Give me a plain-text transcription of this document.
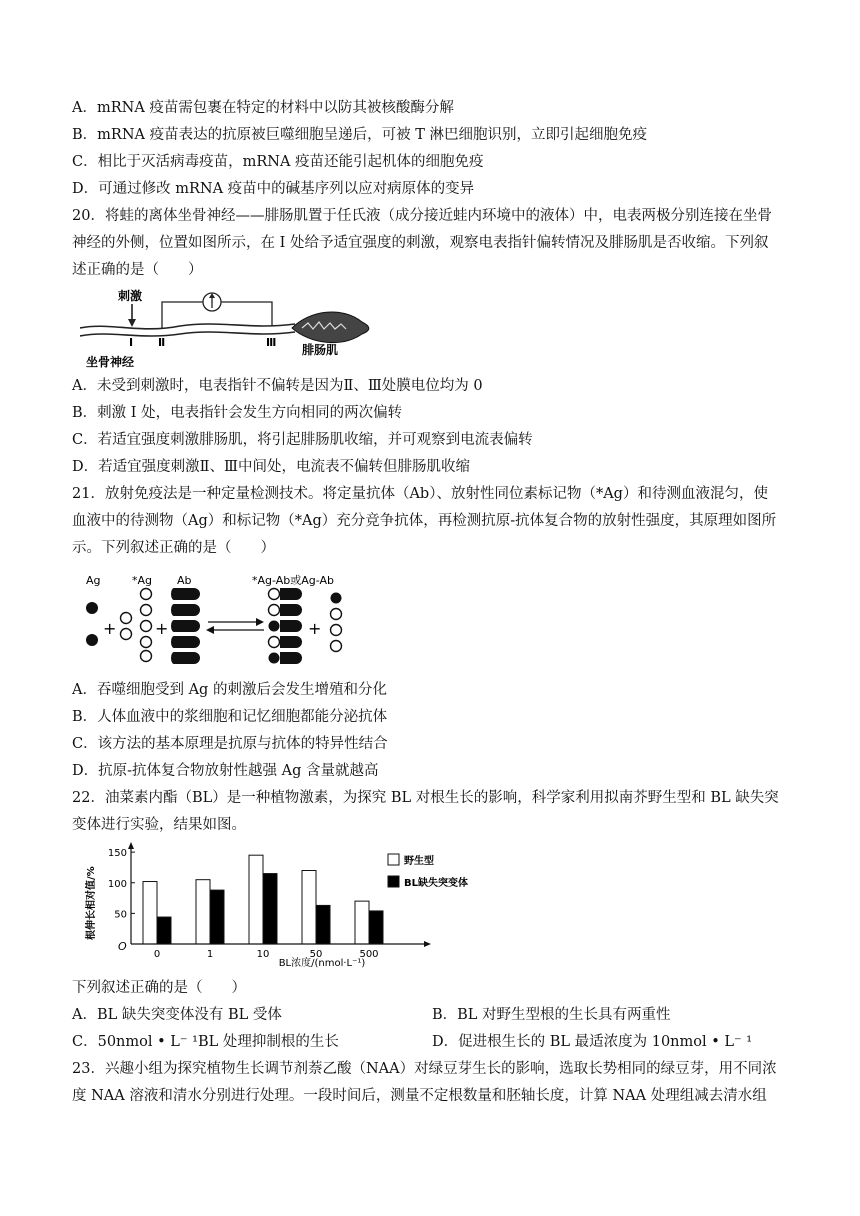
A．mRNA 疫苗需包裹在特定的材料中以防其被核酸酶分解
B．mRNA 疫苗表达的抗原被巨噬细胞呈递后，可被 T 淋巴细胞识别，立即引起细胞免疫
C．相比于灭活病毒疫苗，mRNA 疫苗还能引起机体的细胞免疫
D．可通过修改 mRNA 疫苗中的碱基序列以应对病原体的变异
20．将蛙的离体坐骨神经——腓肠肌置于任氏液（成分接近蛙内环境中的液体）中，电表两极分别连接在坐骨
神经的外侧，位置如图所示，在 Ⅰ 处给予适宜强度的刺激，观察电表指针偏转情况及腓肠肌是否收缩。下列叙
述正确的是（　　）
刺激
Ⅰ Ⅱ	Ⅲ
腓肠肌
坐骨神经
A．未受到刺激时，电表指针不偏转是因为Ⅱ、Ⅲ处膜电位均为 0
B．刺激 Ⅰ 处，电表指针会发生方向相同的两次偏转
C．若适宜强度刺激腓肠肌，将引起腓肠肌收缩，并可观察到电流表偏转
D．若适宜强度刺激Ⅱ、Ⅲ中间处，电流表不偏转但腓肠肌收缩
21．放射免疫法是一种定量检测技术。将定量抗体（Ab）、放射性同位素标记物（*Ag）和待测血液混匀，使
血液中的待测物（Ag）和标记物（*Ag）充分竞争抗体，再检测抗原-抗体复合物的放射性强度，其原理如图所
示。下列叙述正确的是（　　）
Ag	*Ag Ab	*Ag-Ab或Ag-Ab
+ +	+
A．吞噬细胞受到 Ag 的刺激后会发生增殖和分化
B．人体血液中的浆细胞和记忆细胞都能分泌抗体
C．该方法的基本原理是抗原与抗体的特异性结合
D．抗原-抗体复合物放射性越强 Ag 含量就越高
22．油菜素内酯（BL）是一种植物激素，为探究 BL 对根生长的影响，科学家利用拟南芥野生型和 BL 缺失突
变体进行实验，结果如图。
根伸长相对值/%
O
BL浓度/(nmol·L⁻¹)
50
100
150
0	1	10	50	500
野生型
BL缺失突变体
下列叙述正确的是（　　）
A．BL 缺失突变体没有 BL 受体	B．BL 对野生型根的生长具有两重性
C．50nmol • L⁻ ¹BL 处理抑制根的生长	D．促进根生长的 BL 最适浓度为 10nmol • L⁻ ¹
23．兴趣小组为探究植物生长调节剂萘乙酸（NAA）对绿豆芽生长的影响，选取长势相同的绿豆芽，用不同浓
度 NAA 溶液和清水分别进行处理。一段时间后，测量不定根数量和胚轴长度，计算 NAA 处理组减去清水组
